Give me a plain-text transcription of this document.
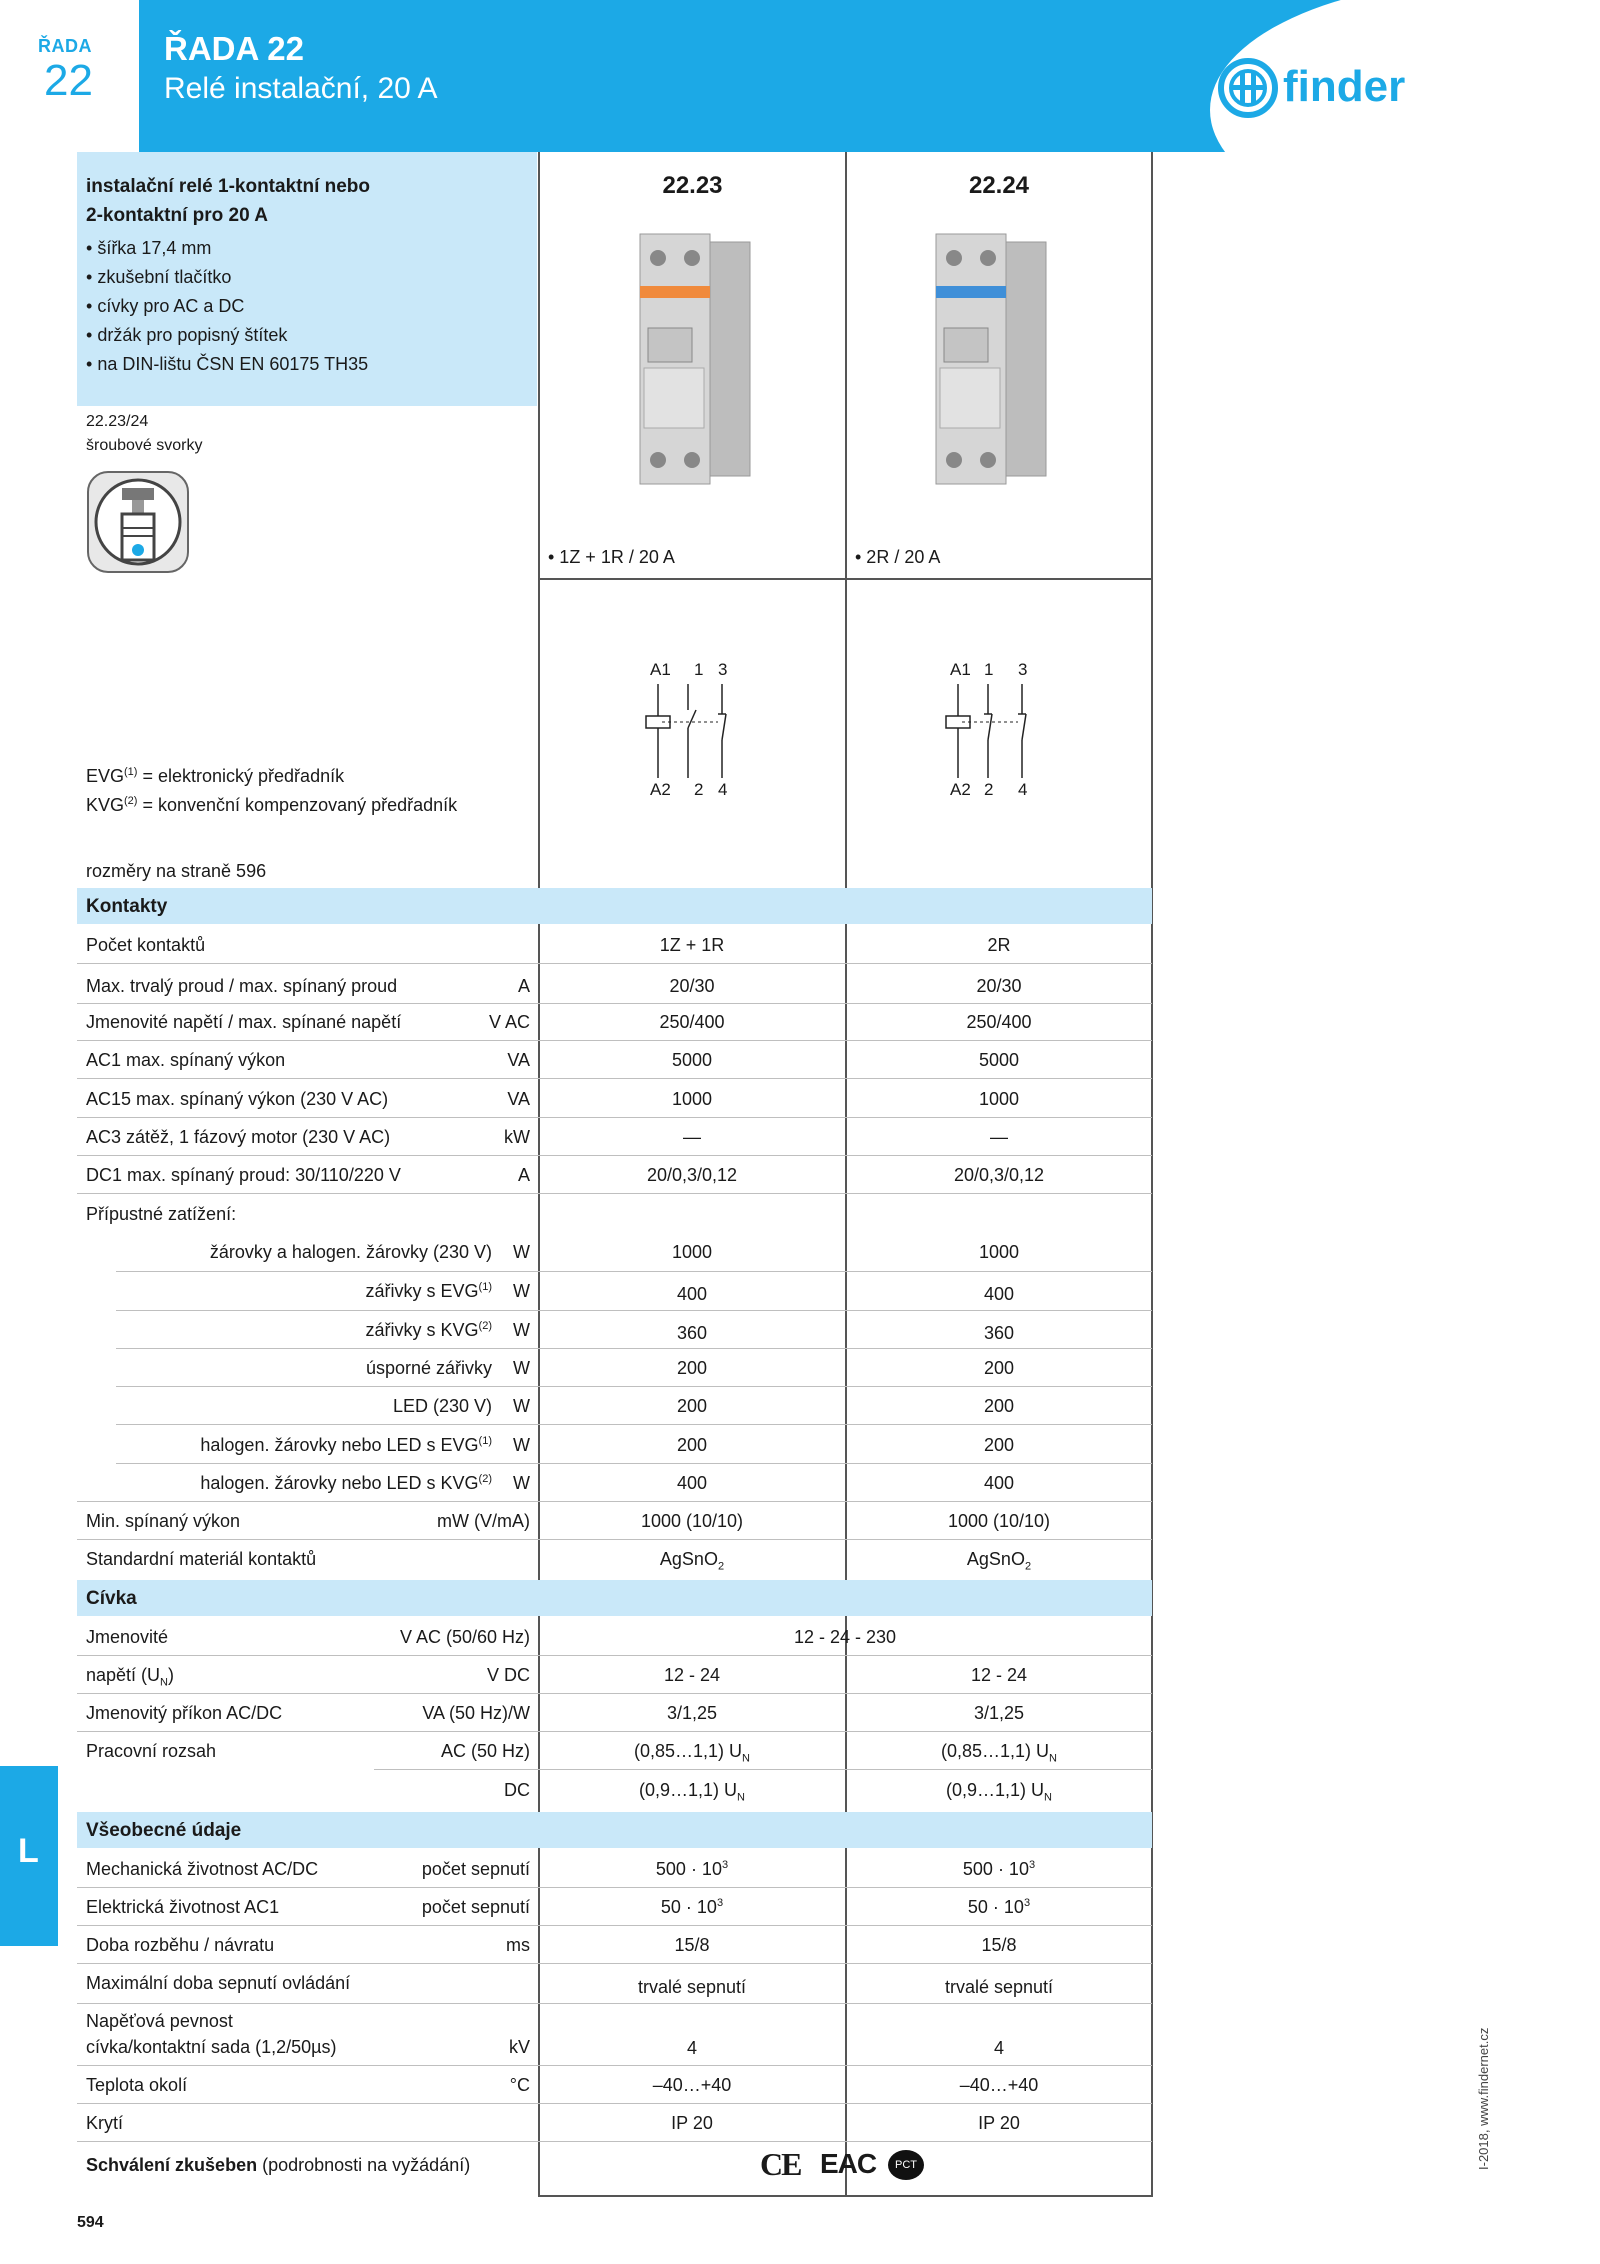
ŘADA
22
ŘADA 22
Relé instalační, 20 A	finder
instalační relé 1-kontaktní nebo 2-kontaktní pro 20 A
• šířka 17,4 mm
• zkušební tlačítko
• cívky pro AC a DC
• držák pro popisný štítek
• na DIN-lištu ČSN EN 60175 TH35
22.23/24
šroubové svorky
$EVG^{(1)}$ = elektronický předřadník
$KVG^{(2)}$ = konvenční kompenzovaný předřadník
rozměry na straně 596
22.23	22.24
• 1Z + 1R / 20 A	• 2R / 20 A
A1 1 3
A2 2 4
A1 1 3
A2 2 4
Kontakty
Počet kontaktů	1Z + 1R	2R
Max. trvalý proud / max. spínaný proud	A	20/30	20/30
Jmenovité napětí / max. spínané napětí	V AC	250/400	250/400
AC1 max. spínaný výkon	VA	5000	5000
AC15 max. spínaný výkon (230 V AC)	VA	1000	1000
AC3 zátěž, 1 fázový motor (230 V AC)	kW	—	—
DC1 max. spínaný proud: 30/110/220 V	A	20/0,3/0,12	20/0,3/0,12
Přípustné zatížení:
žárovky a halogen. žárovky (230 V)	W	1000	1000
zářivky s EVG$^{(1)}$	W	400	400
zářivky s KVG$^{(2)}$	W	360	360
úsporné zářivky	W	200	200
LED (230 V)	W	200	200
halogen. žárovky nebo LED s EVG$^{(1)}$	W	200	200
halogen. žárovky nebo LED s KVG$^{(2)}$	W	400	400
Min. spínaný výkon	mW (V/mA)	1000 (10/10)	1000 (10/10)
Standardní materiál kontaktů	AgSnO$_2$	AgSnO$_2$
Cívka
Jmenovité	V AC (50/60 Hz)	12 - 24 - 230
napětí $(U_N)$	V DC	12 - 24	12 - 24
Jmenovitý příkon AC/DC	VA (50 Hz)/W	3/1,25	3/1,25
Pracovní rozsah	AC (50 Hz)	(0,85…1,1) $U_N$	(0,85…1,1) $U_N$
DC	(0,9…1,1) $U_N$	(0,9…1,1) $U_N$
Všeobecné údaje
Mechanická životnost AC/DC	počet sepnutí	$500 \cdot 10^3$	$500 \cdot 10^3$
Elektrická životnost AC1	počet sepnutí	$50 \cdot 10^3$	$50 \cdot 10^3$
Doba rozběhu / návratu	ms	15/8	15/8
Maximální doba sepnutí ovládání	trvalé sepnutí	trvalé sepnutí
Napěťová pevnost
cívka/kontaktní sada (1,2/50µs)	kV	4	4
Teplota okolí	°C	–40…+40	–40…+40
Krytí	IP 20	IP 20
Schválení zkušeben (podrobnosti na vyžádání)	CE EAC	PCT
L
594
I-2018, www.findernet.cz
